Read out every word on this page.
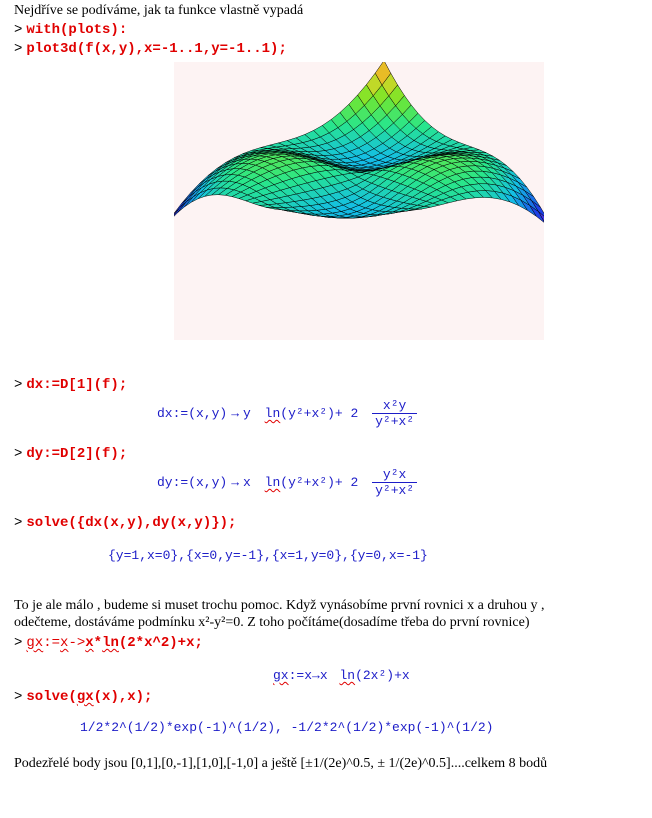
Nejdříve se podíváme, jak ta funkce vlastně vypadá
> with(plots):
> plot3d(f(x,y),x=-1..1,y=-1..1);
> dx:=D[1](f);
dx:=(x,y) → y $\ln(y^2+x^2)+ 2 \frac{\text{x²y}}{\text{y²+x²}}$
> dy:=D[2](f);
dy:=(x,y) → x $\ln(y^2+x^2)+ 2 \frac{\text{y²x}}{\text{y²+x²}}$
> solve({dx(x,y),dy(x,y)});
{y=1,x=0},{x=0,y=-1},{x=1,y=0},{y=0,x=-1}
To je ale málo , budeme si muset trochu pomoc. Když vynásobíme první rovnici x a druhou y ,
odečteme, dostáváme podmínku x²-y²=0. Z toho počítáme(dosadíme třeba do první rovnice)
> gx:=x->x*ln(2*x^2)+x;
gx:=x→x ln(2x²)+x
> solve(gx(x),x);
1/2*2^(1/2)*exp(-1)^(1/2), -1/2*2^(1/2)*exp(-1)^(1/2)
Podezřelé body jsou [0,1],[0,-1],[1,0],[-1,0] a ještě [±1/(2e)^0.5, ± 1/(2e)^0.5]....celkem 8 bodů
